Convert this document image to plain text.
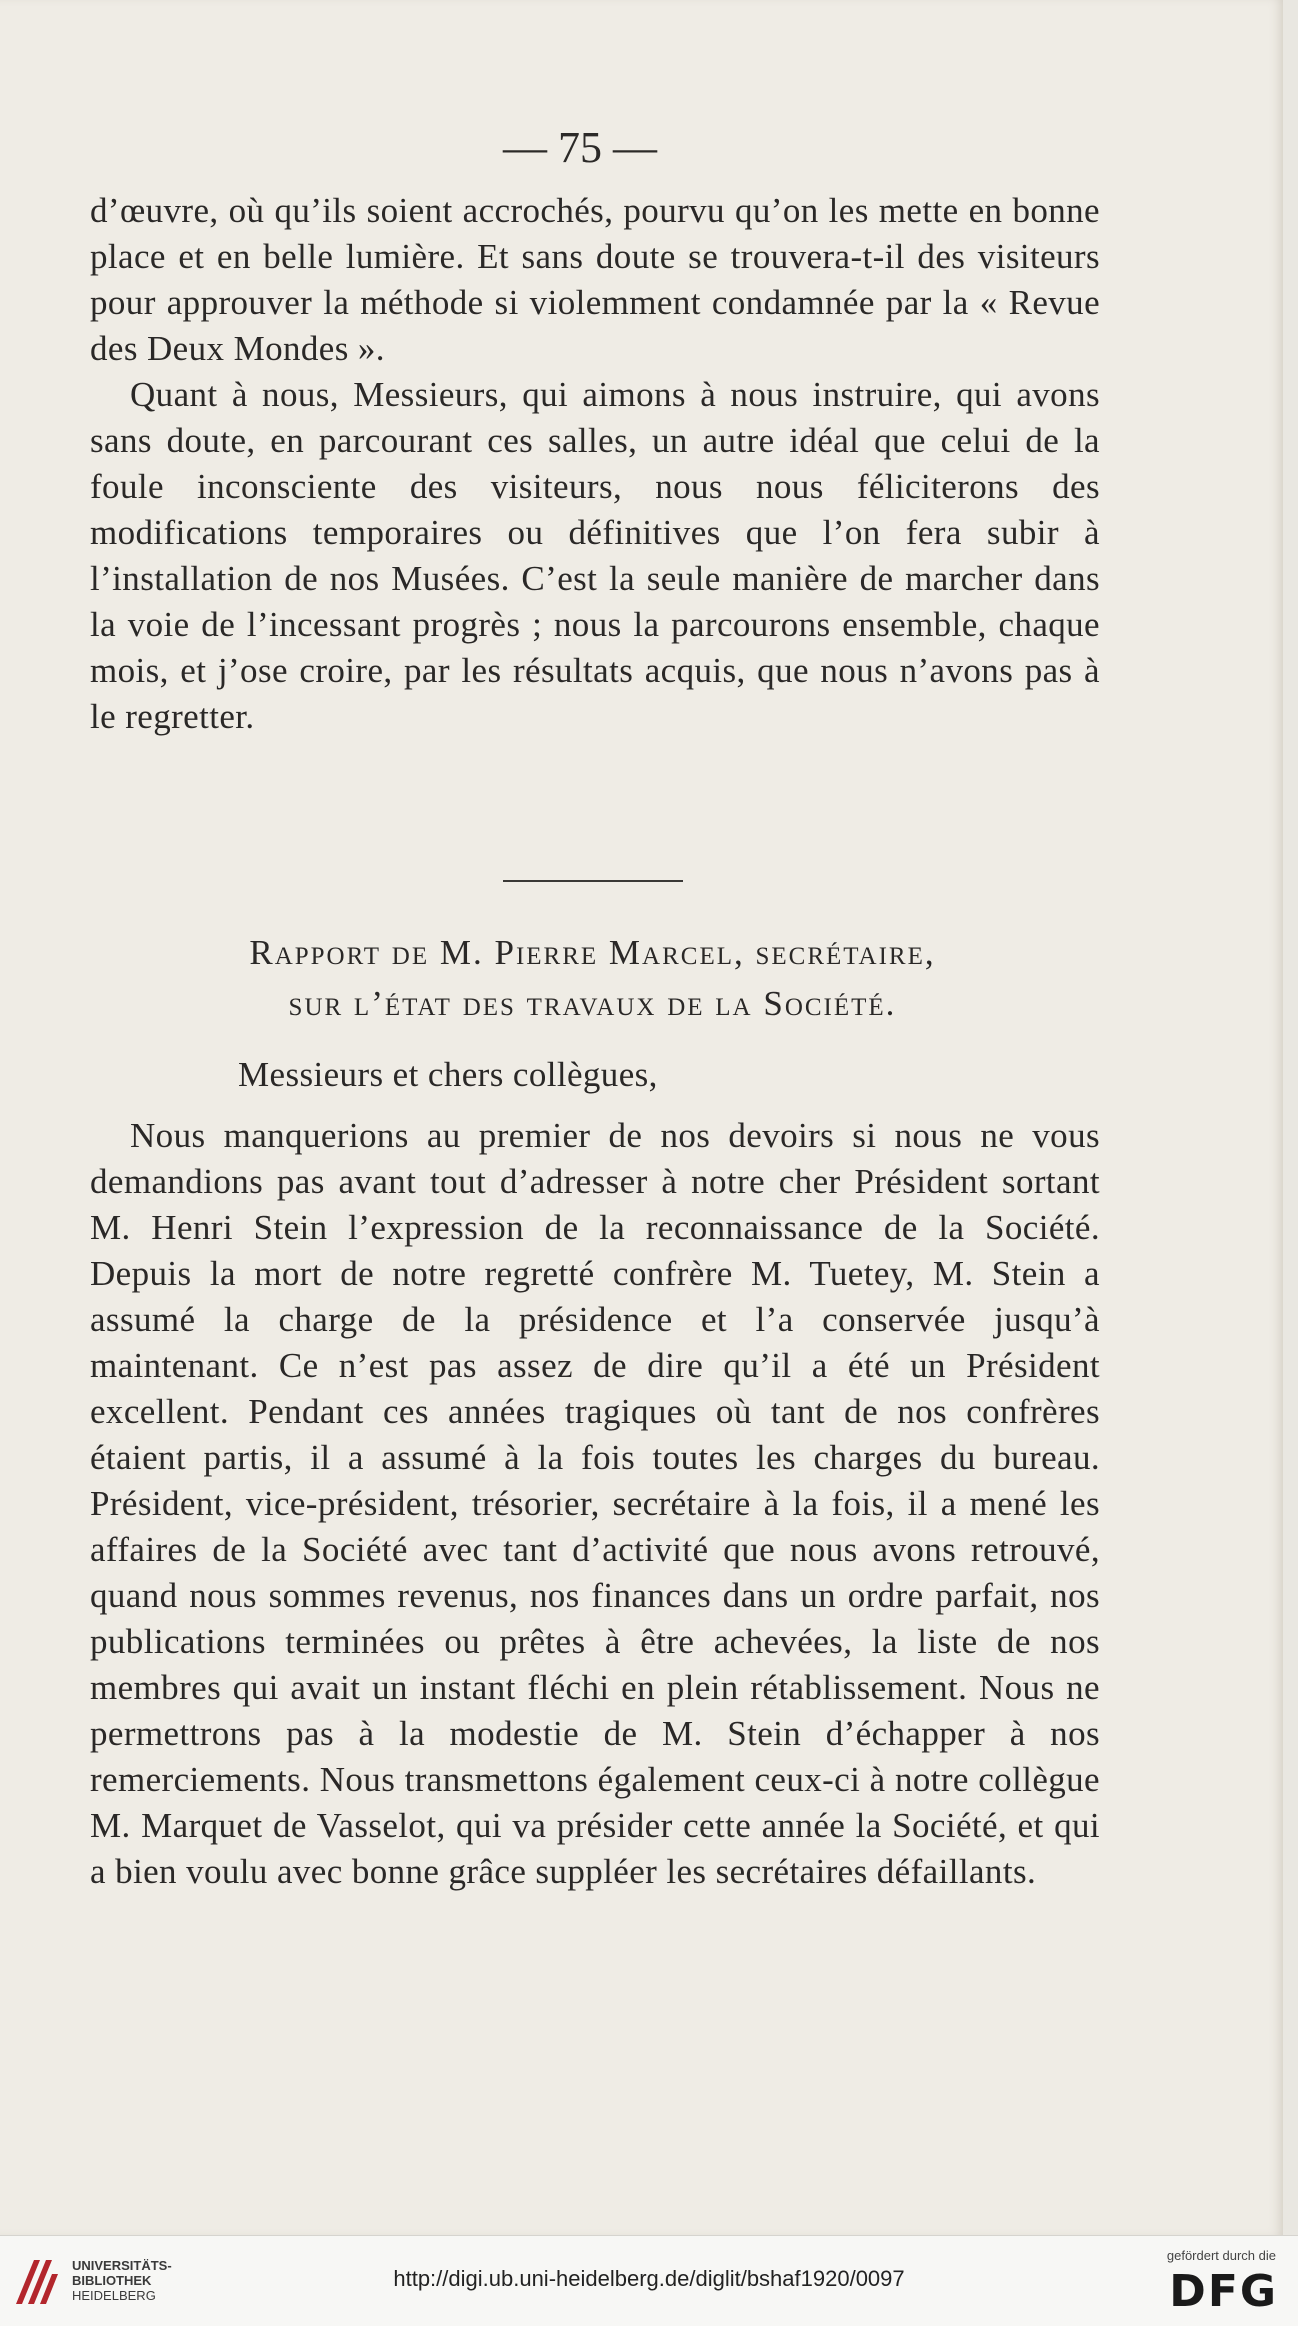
— 75 —

d’œuvre, où qu’ils soient accrochés, pourvu qu’on les mette en bonne place et en belle lumière. Et sans doute se trouvera-t-il des visiteurs pour approuver la méthode si violemment condamnée par la « Revue des Deux Mondes ».

Quant à nous, Messieurs, qui aimons à nous instruire, qui avons sans doute, en parcourant ces salles, un autre idéal que celui de la foule inconsciente des visiteurs, nous nous féliciterons des modifications temporaires ou définitives que l’on fera subir à l’installation de nos Musées. C’est la seule manière de marcher dans la voie de l’incessant progrès ; nous la parcourons ensemble, chaque mois, et j’ose croire, par les résultats acquis, que nous n’avons pas à le regretter.

Rapport de M. Pierre Marcel, secrétaire,
sur l’état des travaux de la Société.
Messieurs et chers collègues,

Nous manquerions au premier de nos devoirs si nous ne vous demandions pas avant tout d’adresser à notre cher Président sortant M. Henri Stein l’expression de la reconnaissance de la Société. Depuis la mort de notre regretté confrère M. Tuetey, M. Stein a assumé la charge de la présidence et l’a conservée jusqu’à maintenant. Ce n’est pas assez de dire qu’il a été un Président excellent. Pendant ces années tragiques où tant de nos confrères étaient partis, il a assumé à la fois toutes les charges du bureau. Président, vice-président, trésorier, secrétaire à la fois, il a mené les affaires de la Société avec tant d’activité que nous avons retrouvé, quand nous sommes revenus, nos finances dans un ordre parfait, nos publications terminées ou prêtes à être achevées, la liste de nos membres qui avait un instant fléchi en plein rétablissement. Nous ne permettrons pas à la modestie de M. Stein d’échapper à nos remerciements. Nous transmettons également ceux-ci à notre collègue M. Marquet de Vasselot, qui va présider cette année la Société, et qui a bien voulu avec bonne grâce suppléer les secrétaires défaillants.

UNIVERSITÄTS-
BIBLIOTHEK
HEIDELBERG
http://digi.ub.uni-heidelberg.de/diglit/bshaf1920/0097
gefördert durch die
DFG
